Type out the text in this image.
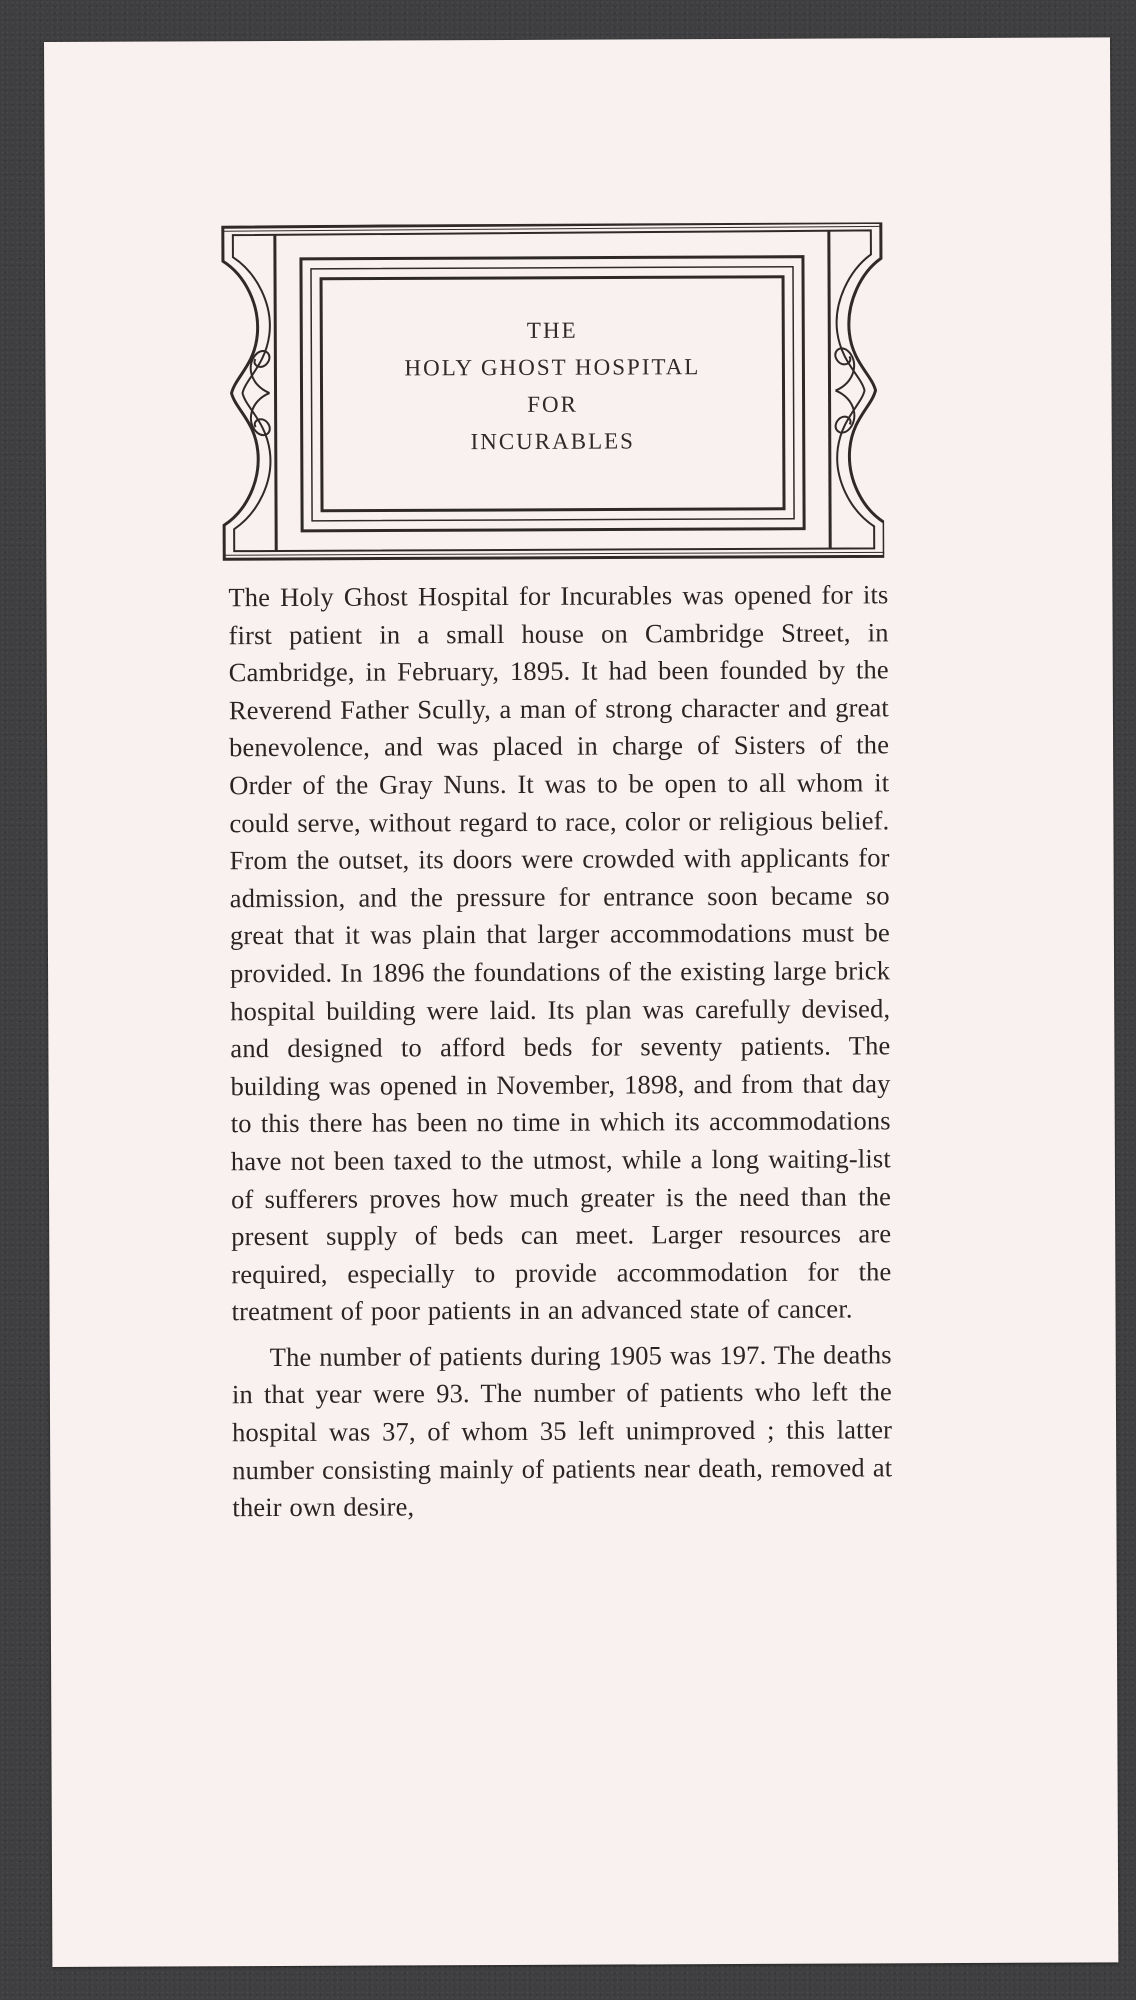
THE
HOLY GHOST HOSPITAL
FOR
INCURABLES

The Holy Ghost Hospital for Incurables was opened for its first patient in a small house on Cambridge Street, in Cambridge, in February, 1895. It had been founded by the Reverend Father Scully, a man of strong character and great benevolence, and was placed in charge of Sisters of the Order of the Gray Nuns. It was to be open to all whom it could serve, without regard to race, color or religious belief. From the outset, its doors were crowded with applicants for admission, and the pressure for entrance soon became so great that it was plain that larger accommodations must be provided. In 1896 the foundations of the existing large brick hospital building were laid. Its plan was carefully devised, and designed to afford beds for seventy patients. The building was opened in November, 1898, and from that day to this there has been no time in which its accommodations have not been taxed to the utmost, while a long waiting-list of sufferers proves how much greater is the need than the present supply of beds can meet. Larger resources are required, especially to provide accommodation for the treatment of poor patients in an advanced state of cancer.

The number of patients during 1905 was 197. The deaths in that year were 93. The number of patients who left the hospital was 37, of whom 35 left unimproved ; this latter number consisting mainly of patients near death, removed at their own desire,
